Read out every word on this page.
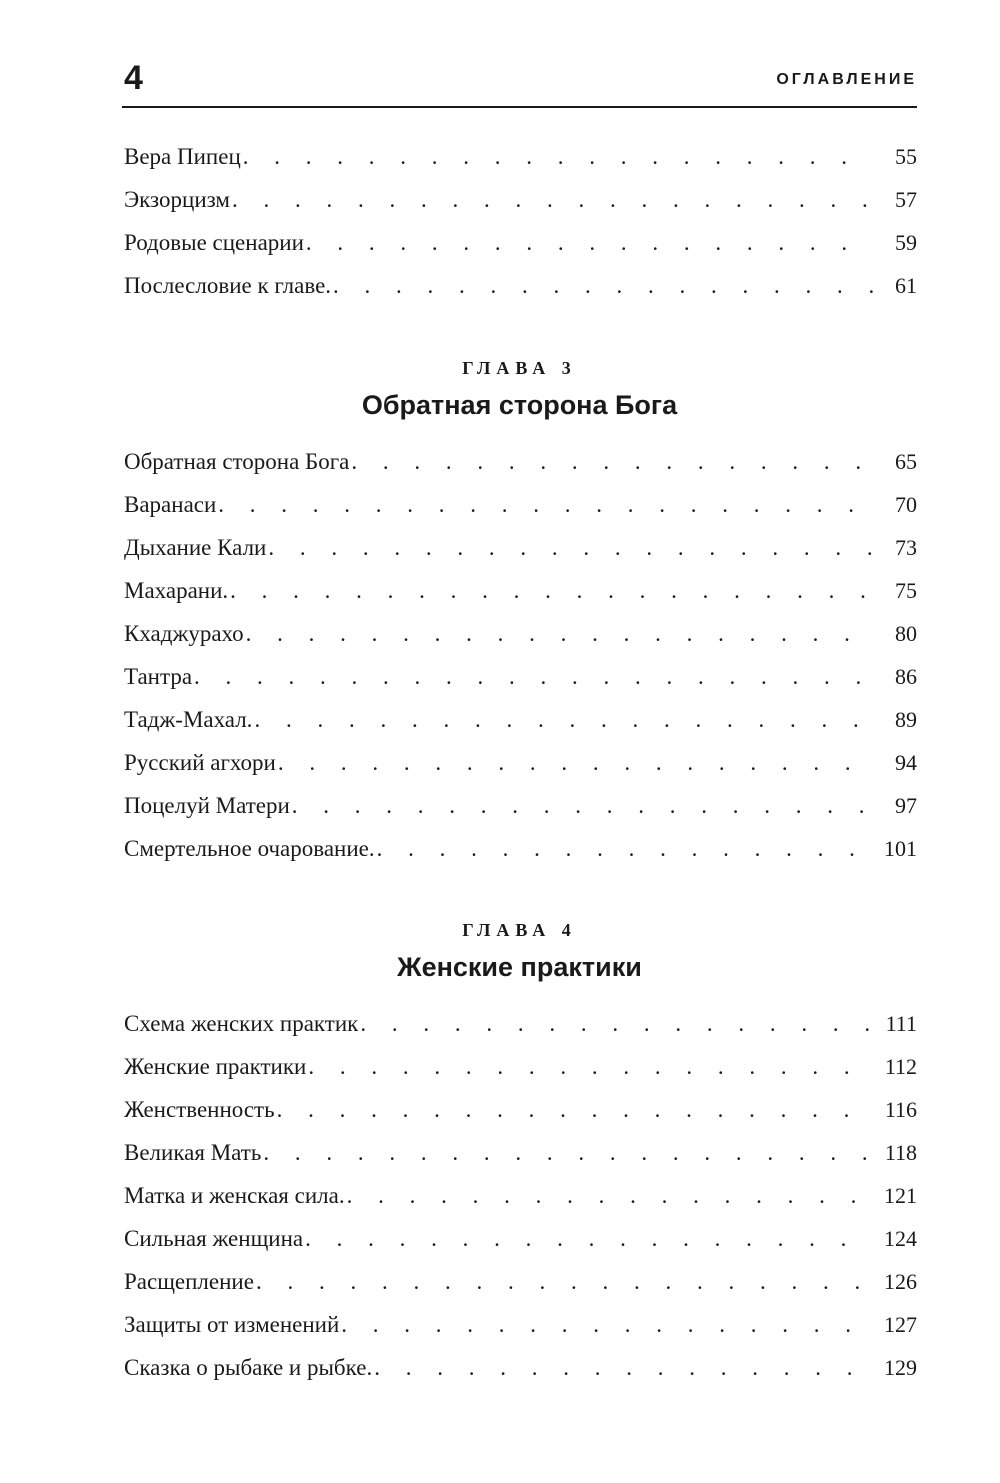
4	ОГЛАВЛЕНИЕ
Вера Пипец . . .	55
Экзорцизм . . .	57
Родовые сценарии . . .	59
Послесловие к главе. . . .	61
ГЛАВА 3
Обратная сторона Бога
Обратная сторона Бога . . .	65
Варанаси . . .	70
Дыхание Кали . . .	73
Махарани. . . .	75
Кхаджурахо . . .	80
Тантра . . .	86
Тадж-Махал. . . .	89
Русский агхори . . .	94
Поцелуй Матери . . .	97
Смертельное очарование. . . .	101
ГЛАВА 4
Женские практики
Схема женских практик . . .	111
Женские практики . . .	112
Женственность . . .	116
Великая Мать . . .	118
Матка и женская сила. . . .	121
Сильная женщина . . .	124
Расщепление . . .	126
Защиты от изменений . . .	127
Сказка о рыбаке и рыбке. . . .	129
